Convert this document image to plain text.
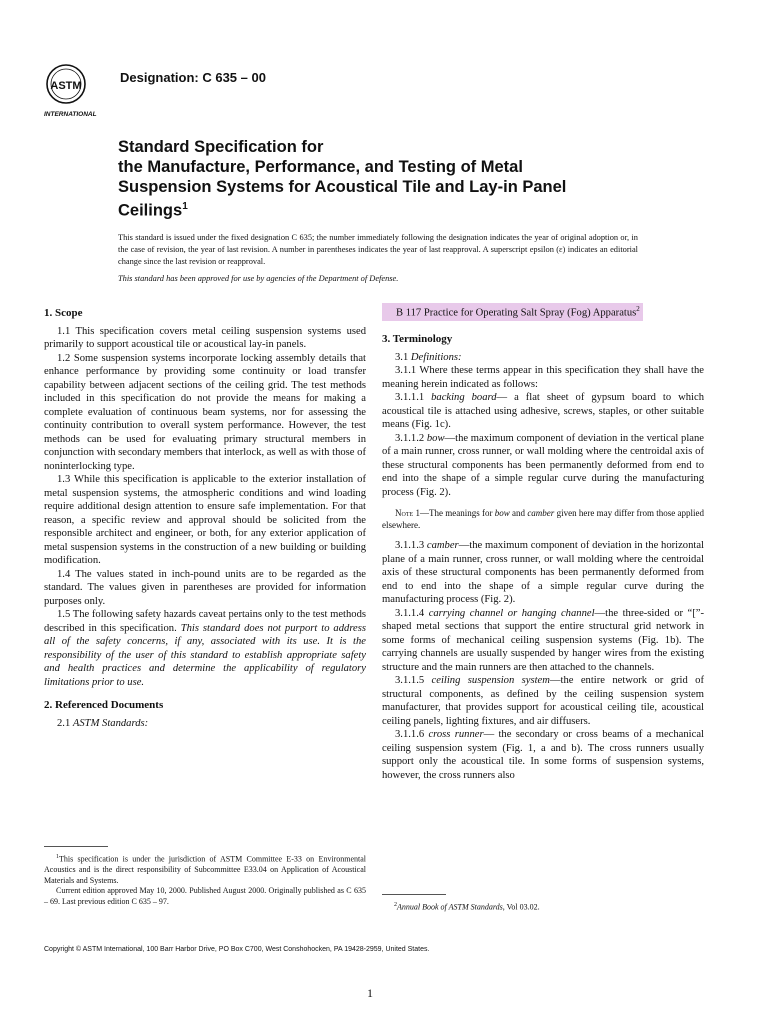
ASTM
INTERNATIONAL
Designation: C 635 – 00
Standard Specification for
the Manufacture, Performance, and Testing of Metal
Suspension Systems for Acoustical Tile and Lay-in Panel
Ceilings$^1$
This standard is issued under the fixed designation C 635; the number immediately following the designation indicates the year of original adoption or, in the case of revision, the year of last revision. A number in parentheses indicates the year of last reapproval. A superscript epsilon (ε) indicates an editorial change since the last revision or reapproval.
This standard has been approved for use by agencies of the Department of Defense.
1. Scope

1.1 This specification covers metal ceiling suspension systems used primarily to support acoustical tile or acoustical lay-in panels.

1.2 Some suspension systems incorporate locking assembly details that enhance performance by providing some continuity or load transfer capability between adjacent sections of the ceiling grid. The test methods included in this specification do not provide the means for making a complete evaluation of continuous beam systems, nor for assessing the continuity contribution to overall system performance. However, the test methods can be used for evaluating primary structural members in conjunction with secondary members that interlock, as well as with those of noninterlocking type.

1.3 While this specification is applicable to the exterior installation of metal suspension systems, the atmospheric conditions and wind loading require additional design attention to ensure safe implementation. For that reason, a specific review and approval should be solicited from the responsible architect and engineer, or both, for any exterior application of metal suspension systems in the construction of a new building or building modification.

1.4 The values stated in inch-pound units are to be regarded as the standard. The values given in parentheses are provided for information purposes only.

1.5 The following safety hazards caveat pertains only to the test methods described in this specification. This standard does not purport to address all of the safety concerns, if any, associated with its use. It is the responsibility of the user of this standard to establish appropriate safety and health practices and determine the applicability of regulatory limitations prior to use.

2. Referenced Documents

2.1 ASTM Standards:

B 117 Practice for Operating Salt Spray (Fog) Apparatus$^2$
3. Terminology

3.1 Definitions:

3.1.1 Where these terms appear in this specification they shall have the meaning herein indicated as follows:

3.1.1.1 backing board— a flat sheet of gypsum board to which acoustical tile is attached using adhesive, screws, staples, or other suitable means (Fig. 1c).

3.1.1.2 bow—the maximum component of deviation in the vertical plane of a main runner, cross runner, or wall molding where the centroidal axis of these structural components has been permanently deformed from end to end into the shape of a simple regular curve during the manufacturing process (Fig. 2).

Note 1—The meanings for bow and camber given here may differ from those applied elsewhere.

3.1.1.3 camber—the maximum component of deviation in the horizontal plane of a main runner, cross runner, or wall molding where the centroidal axis of these structural components has been permanently deformed from end to end into the shape of a simple regular curve during the manufacturing process (Fig. 2).

3.1.1.4 carrying channel or hanging channel—the three-sided or “[”-shaped metal sections that support the entire structural grid network in some forms of mechanical ceiling suspension systems (Fig. 1b). The carrying channels are usually suspended by hanger wires from the existing structure and the main runners are then attached to the channels.

3.1.1.5 ceiling suspension system—the entire network or grid of structural components, as defined by the ceiling suspension system manufacturer, that provides support for acoustical ceiling tile, acoustical ceiling panels, lighting fixtures, and air diffusers.

3.1.1.6 cross runner— the secondary or cross beams of a mechanical ceiling suspension system (Fig. 1, a and b). The cross runners usually support only the acoustical tile. In some forms of suspension systems, however, the cross runners also

$^1$This specification is under the jurisdiction of ASTM Committee E-33 on Environmental Acoustics and is the direct responsibility of Subcommittee E33.04 on Application of Acoustical Materials and Systems.

Current edition approved May 10, 2000. Published August 2000. Originally published as C 635 – 69. Last previous edition C 635 – 97.	$^2$Annual Book of ASTM Standards, Vol 03.02.
Copyright © ASTM International, 100 Barr Harbor Drive, PO Box C700, West Conshohocken, PA 19428-2959, United States.
1
